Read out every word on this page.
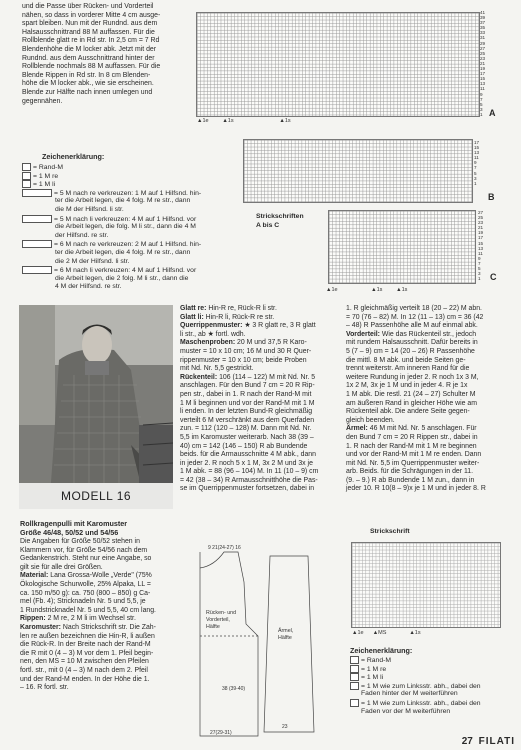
und die Passe über Rücken- und Vorderteil
nähen, so dass in vorderer Mitte 4 cm ausge-
spart bleiben. Nun mit der Rundnd. aus dem
Halsausschnittrand 88 M auffassen. Für die
Rollblende glatt re in Rd str. In 2,5 cm = 7 Rd
Blendenhöhe die M locker abk. Jetzt mit der
Rundnd. aus dem Ausschnittrand hinter der
Rollblende nochmals 88 M auffassen. Für die
Blende Rippen in Rd str. In 8 cm Blenden-
höhe die M locker abk., wie sie erscheinen.
Blende zur Hälfte nach innen umlegen und
gegennähen.
41
39
37
35
33
31
29
27
25
23
21
19
17
15
13
11
9
7
5
3
1 A
▲1e         ▲1s                              ▲1s
17
15
13
11
9
7
5
3
1
B
Strickschriften
A bis C
27
25
23
21
19
17
15
13
11
9
7
5
3
1 C
▲1e                      ▲1s         ▲1s
Zeichenerklärung:
= Rand-M
= 1 M re
= 1 M li
= 5 M nach re verkreuzen: 1 M auf 1 Hilfsnd. hin-
ter die Arbeit legen, die 4 folg. M re str., dann
die M der Hilfsnd. li str.
= 5 M nach li verkreuzen: 4 M auf 1 Hilfsnd. vor
die Arbeit legen, die folg. M li str., dann die 4 M
der Hilfsnd. re str.
= 6 M nach re verkreuzen: 2 M auf 1 Hilfsnd. hin-
ter die Arbeit legen, die 4 folg. M re str., dann
die 2 M der Hilfsnd. li str.
= 6 M nach li verkreuzen: 4 M auf 1 Hilfsnd. vor
die Arbeit legen, die 2 folg. M li str., dann die
4 M der Hilfsnd. re str.
MODELL 16
Glatt re: Hin-R re, Rück-R li str.
Glatt li: Hin-R li, Rück-R re str.
Querrippenmuster: ★ 3 R glatt re, 3 R glatt
li str., ab ★ fortl. wdh.
Maschenproben: 20 M und 37,5 R Karo-
muster = 10 x 10 cm; 16 M und 30 R Quer-
rippenmuster = 10 x 10 cm; beide Proben
mit Nd. Nr. 5,5 gestrickt.
Rückenteil: 106 (114 – 122) M mit Nd. Nr. 5
anschlagen. Für den Bund 7 cm = 20 R Rip-
pen str., dabei in 1. R nach der Rand-M mit
1 M li beginnen und vor der Rand-M mit 1 M
li enden. In der letzten Bund-R gleichmäßig
verteilt 6 M verschränkt aus dem Querfaden
zun. = 112 (120 – 128) M. Dann mit Nd. Nr.
5,5 im Karomuster weiterarb. Nach 38 (39 –
40) cm = 142 (146 – 150) R ab Bundende
beids. für die Armausschnitte 4 M abk., dann
in jeder 2. R noch 5 x 1 M, 3x 2 M und 3x je
1 M abk. = 88 (96 – 104) M. In 11 (10 – 9) cm
= 42 (38 – 34) R Armausschnitthöhe die Pas-
se im Querrippenmuster fortsetzen, dabei in
1. R gleichmäßig verteilt 18 (20 – 22) M abn.
= 70 (76 – 82) M. In 12 (11 – 13) cm = 36 (42
– 48) R Passenhöhe alle M auf einmal abk.
Vorderteil: Wie das Rückenteil str., jedoch
mit rundem Halsausschnitt. Dafür bereits in
5 (7 – 9) cm = 14 (20 – 26) R Passenhöhe
die mittl. 8 M abk. und beide Seiten ge-
trennt weiterstr. Am inneren Rand für die
weitere Rundung in jeder 2. R noch 1x 3 M,
1x 2 M, 3x je 1 M und in jeder 4. R je 1x
1 M abk. Die restl. 21 (24 – 27) Schulter M
am äußeren Rand in gleicher Höhe wie am
Rückenteil abk. Die andere Seite gegen-
gleich beenden.
Ärmel: 46 M mit Nd. Nr. 5 anschlagen. Für
den Bund 7 cm = 20 R Rippen str., dabei in
1. R nach der Rand-M mit 1 M re beginnen
und vor der Rand-M mit 1 M re enden. Dann
mit Nd. Nr. 5,5 im Querrippenmuster weiter-
arb. Beids. für die Schrägungen in der 11.
(9. – 9.) R ab Bundende 1 M zun., dann in
jeder 10. R 10(8 – 9)x je 1 M und in jeder 8. R
Rollkragenpulli mit Karomuster
Größe 46/48, 50/52 und 54/56
Die Angaben für Größe 50/52 stehen in
Klammern vor, für Größe 54/56 nach dem
Gedankenstrich. Steht nur eine Angabe, so
gilt sie für alle drei Größen.
Material: Lana Grossa-Wolle „Verde" (75%
Ökologische Schurwolle, 25% Alpaka, LL =
ca. 150 m/50 g): ca. 750 (800 – 850) g Ca-
mel (Fb. 4); Stricknadeln Nr. 5 und 5,5, je
1 Rundstricknadel Nr. 5 und 5,5, 40 cm lang.
Rippen: 2 M re, 2 M li im Wechsel str.
Karomuster: Nach Strickschrift str. Die Zah-
len re außen bezeichnen die Hin-R, li außen
die Rück-R. In der Breite nach der Rand-M
die R mit 0 (4 – 3) M vor dem 1. Pfeil begin-
nen, den MS = 10 M zwischen den Pfeilen
fortl. str., mit 0 (4 – 3) M nach dem 2. Pfeil
und der Rand-M enden. In der Höhe die 1.
– 16. R fortl. str.
9 21(24-27) 16
Rücken- und
Vorderteil,
Hälfte
Ärmel,
Hälfte
27(29-31)
23
38 (39-40)
Strickschrift
▲1e      ▲MS               ▲1s
Zeichenerklärung:
= Rand-M
= 1 M re
= 1 M li
= 1 M wie zum Linksstr. abh., dabei den
Faden hinter der M weiterführen
= 1 M wie zum Linksstr. abh., dabei den
Faden vor der M weiterführen
27 FILATI
